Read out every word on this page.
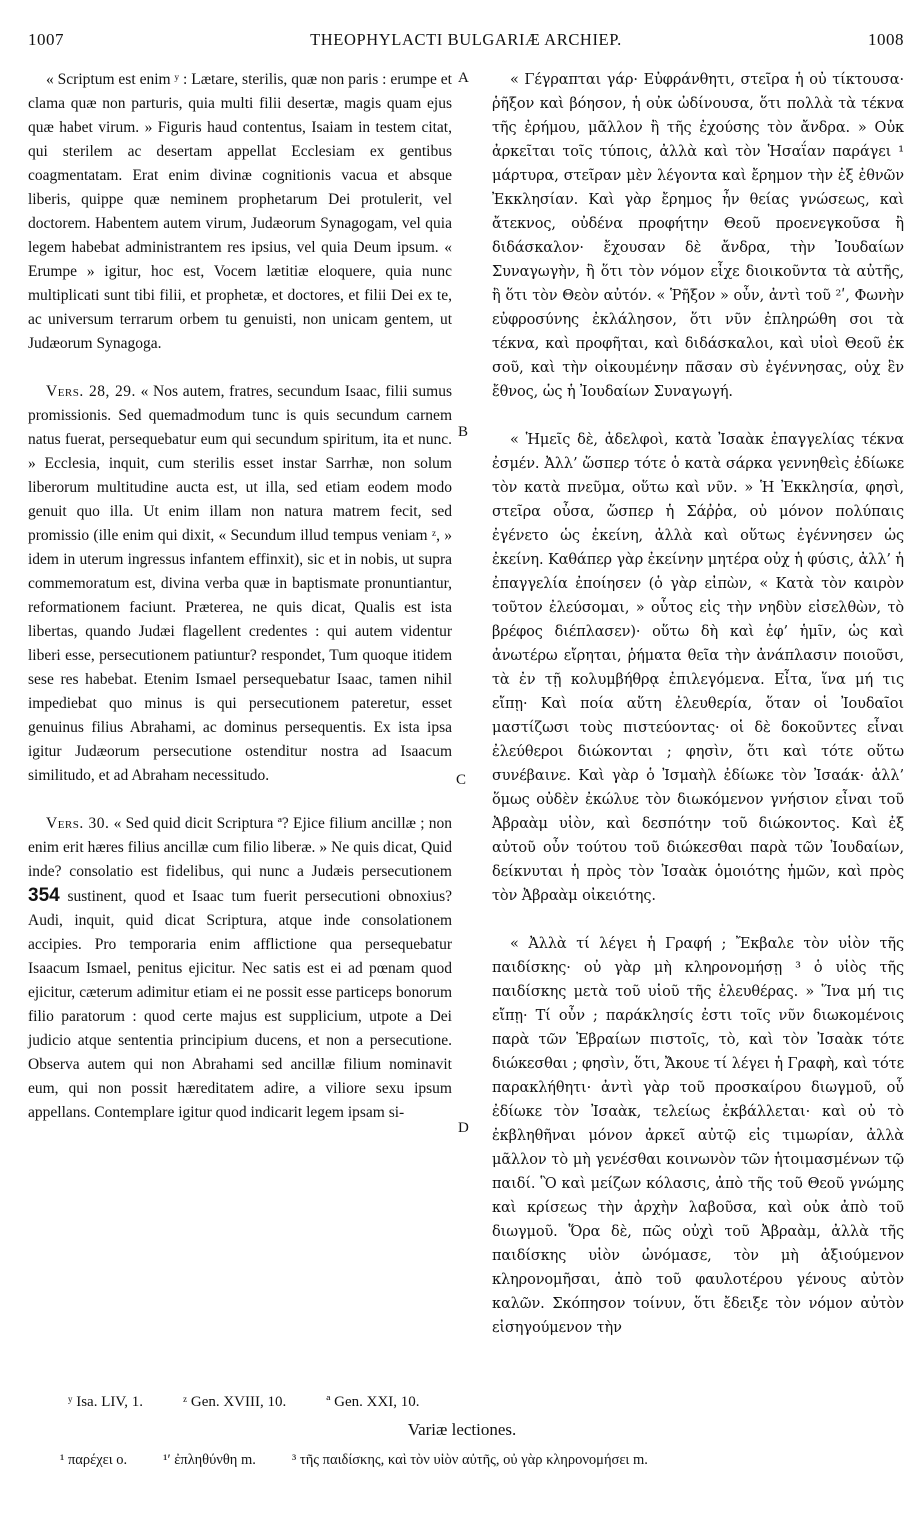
1007	THEOPHYLACTI BULGARIÆ ARCHIEP.	1008

« Scriptum est enim ʸ : Lætare, sterilis, quæ non paris : erumpe et clama quæ non parturis, quia multi filii desertæ, magis quam ejus quæ habet virum. » Figuris haud contentus, Isaiam in testem citat, qui sterilem ac desertam appellat Ecclesiam ex gentibus coagmentatam. Erat enim divinæ cognitionis vacua et absque liberis, quippe quæ neminem prophetarum Dei protulerit, vel doctorem. Habentem autem virum, Judæorum Synagogam, vel quia legem habebat administrantem res ipsius, vel quia Deum ipsum. « Erumpe » igitur, hoc est, Vocem lætitiæ eloquere, quia nunc multiplicati sunt tibi filii, et prophetæ, et doctores, et filii Dei ex te, ac universum terrarum orbem tu genuisti, non unicam gentem, ut Judæorum Synagoga.

Vers. 28, 29. « Nos autem, fratres, secundum Isaac, filii sumus promissionis. Sed quemadmodum tunc is quis secundum carnem natus fuerat, persequebatur eum qui secundum spiritum, ita et nunc. » Ecclesia, inquit, cum sterilis esset instar Sarrhæ, non solum liberorum multitudine aucta est, ut illa, sed etiam eodem modo genuit quo illa. Ut enim illam non natura matrem fecit, sed promissio (ille enim qui dixit, « Secundum illud tempus veniam ᶻ, » idem in uterum ingressus infantem effinxit), sic et in nobis, ut supra commemoratum est, divina verba quæ in baptismate pronuntiantur, reformationem faciunt. Præterea, ne quis dicat, Qualis est ista libertas, quando Judæi flagellent credentes : qui autem videntur liberi esse, persecutionem patiuntur? respondet, Tum quoque itidem sese res habebat. Etenim Ismael persequebatur Isaac, tamen nihil impediebat quo minus is qui persecutionem pateretur, esset genuinus filius Abrahami, ac dominus persequentis. Ex ista ipsa igitur Judæorum persecutione ostenditur nostra ad Isaacum similitudo, et ad Abraham necessitudo.

Vers. 30. « Sed quid dicit Scriptura ª? Ejice filium ancillæ ; non enim erit hæres filius ancillæ cum filio liberæ. » Ne quis dicat, Quid inde? consolatio est fidelibus, qui nunc a Judæis persecutionem 354 sustinent, quod et Isaac tum fuerit persecutioni obnoxius? Audi, inquit, quid dicat Scriptura, atque inde consolationem accipies. Pro temporaria enim afflictione qua persequebatur Isaacum Ismael, penitus ejicitur. Nec satis est ei ad pœnam quod ejicitur, cæterum adimitur etiam ei ne possit esse particeps bonorum filio paratorum : quod certe majus est supplicium, utpote a Dei judicio atque sententia principium ducens, et non a persecutione. Observa autem qui non Abrahami sed ancillæ filium nominavit eum, qui non possit hæreditatem adire, a viliore sexu ipsum appellans. Contemplare igitur quod indicarit legem ipsam si-

A
B
C
D

« Γέγραπται γάρ· Εὐφράνθητι, στεῖρα ἡ οὐ τίκτουσα· ῥῆξον καὶ βόησον, ἡ οὐκ ὠδίνουσα, ὅτι πολλὰ τὰ τέκνα τῆς ἐρήμου, μᾶλλον ἢ τῆς ἐχούσης τὸν ἄνδρα. » Οὐκ ἀρκεῖται τοῖς τύποις, ἀλλὰ καὶ τὸν Ἡσαΐαν παράγει ¹ μάρτυρα, στεῖραν μὲν λέγοντα καὶ ἔρημον τὴν ἐξ ἐθνῶν Ἐκκλησίαν. Καὶ γὰρ ἔρημος ἦν θείας γνώσεως, καὶ ἄτεκνος, οὐδένα προφήτην Θεοῦ προενεγκοῦσα ἢ διδάσκαλον· ἔχουσαν δὲ ἄνδρα, τὴν Ἰουδαίων Συναγωγὴν, ἢ ὅτι τὸν νόμον εἶχε διοικοῦντα τὰ αὐτῆς, ἢ ὅτι τὸν Θεὸν αὐτόν. « Ῥῆξον » οὖν, ἀντὶ τοῦ ²ʹ, Φωνὴν εὐφροσύνης ἐκλάλησον, ὅτι νῦν ἐπληρώθη σοι τὰ τέκνα, καὶ προφῆται, καὶ διδάσκαλοι, καὶ υἱοὶ Θεοῦ ἐκ σοῦ, καὶ τὴν οἰκουμένην πᾶσαν σὺ ἐγέννησας, οὐχ ἓν ἔθνος, ὡς ἡ Ἰουδαίων Συναγωγή.

« Ἡμεῖς δὲ, ἀδελφοὶ, κατὰ Ἰσαὰκ ἐπαγγελίας τέκνα ἐσμέν. Ἀλλ’ ὥσπερ τότε ὁ κατὰ σάρκα γεννηθεὶς ἐδίωκε τὸν κατὰ πνεῦμα, οὕτω καὶ νῦν. » Ἡ Ἐκκλησία, φησὶ, στεῖρα οὖσα, ὥσπερ ἡ Σάῤῥα, οὐ μόνον πολύπαις ἐγένετο ὡς ἐκείνη, ἀλλὰ καὶ οὕτως ἐγέννησεν ὡς ἐκείνη. Καθάπερ γὰρ ἐκείνην μητέρα οὐχ ἡ φύσις, ἀλλ’ ἡ ἐπαγγελία ἐποίησεν (ὁ γὰρ εἰπὼν, « Κατὰ τὸν καιρὸν τοῦτον ἐλεύσομαι, » οὗτος εἰς τὴν νηδὺν εἰσελθὼν, τὸ βρέφος διέπλασεν)· οὕτω δὴ καὶ ἐφ’ ἡμῖν, ὡς καὶ ἀνωτέρω εἴρηται, ῥήματα θεῖα τὴν ἀνάπλασιν ποιοῦσι, τὰ ἐν τῇ κολυμβήθρᾳ ἐπιλεγόμενα. Εἶτα, ἵνα μή τις εἴπῃ· Καὶ ποία αὕτη ἐλευθερία, ὅταν οἱ Ἰουδαῖοι μαστίζωσι τοὺς πιστεύοντας· οἱ δὲ δοκοῦντες εἶναι ἐλεύθεροι διώκονται ; φησὶν, ὅτι καὶ τότε οὕτω συνέβαινε. Καὶ γὰρ ὁ Ἰσμαὴλ ἐδίωκε τὸν Ἰσαάκ· ἀλλ’ ὅμως οὐδὲν ἐκώλυε τὸν διωκόμενον γνήσιον εἶναι τοῦ Ἀβραὰμ υἱὸν, καὶ δεσπότην τοῦ διώκοντος. Καὶ ἐξ αὐτοῦ οὖν τούτου τοῦ διώκεσθαι παρὰ τῶν Ἰουδαίων, δείκνυται ἡ πρὸς τὸν Ἰσαὰκ ὁμοιότης ἡμῶν, καὶ πρὸς τὸν Ἀβραὰμ οἰκειότης.

« Ἀλλὰ τί λέγει ἡ Γραφή ; Ἔκβαλε τὸν υἱὸν τῆς παιδίσκης· οὐ γὰρ μὴ κληρονομήσῃ ³ ὁ υἱὸς τῆς παιδίσκης μετὰ τοῦ υἱοῦ τῆς ἐλευθέρας. » Ἵνα μή τις εἴπῃ· Τί οὖν ; παράκλησίς ἐστι τοῖς νῦν διωκομένοις παρὰ τῶν Ἑβραίων πιστοῖς, τὸ, καὶ τὸν Ἰσαὰκ τότε διώκεσθαι ; φησὶν, ὅτι, Ἄκουε τί λέγει ἡ Γραφὴ, καὶ τότε παρακλήθητι· ἀντὶ γὰρ τοῦ προσκαίρου διωγμοῦ, οὗ ἐδίωκε τὸν Ἰσαὰκ, τελείως ἐκβάλλεται· καὶ οὐ τὸ ἐκβληθῆναι μόνον ἀρκεῖ αὐτῷ εἰς τιμωρίαν, ἀλλὰ μᾶλλον τὸ μὴ γενέσθαι κοινωνὸν τῶν ἡτοιμασμένων τῷ παιδί. Ὃ καὶ μείζων κόλασις, ἀπὸ τῆς τοῦ Θεοῦ γνώμης καὶ κρίσεως τὴν ἀρχὴν λαβοῦσα, καὶ οὐκ ἀπὸ τοῦ διωγμοῦ. Ὅρα δὲ, πῶς οὐχὶ τοῦ Ἀβραὰμ, ἀλλὰ τῆς παιδίσκης υἱὸν ὠνόμασε, τὸν μὴ ἀξιούμενον κληρονομῆσαι, ἀπὸ τοῦ φαυλοτέρου γένους αὐτὸν καλῶν. Σκόπησον τοίνυν, ὅτι ἔδειξε τὸν νόμον αὐτὸν εἰσηγούμενον τὴν

ʸ Isa. LIV, 1.	ᶻ Gen. XVIII, 10.	ª Gen. XXI, 10.
Variæ lectiones.
¹ παρέχει o. ¹ʹ ἐπληθύνθη m. ³ τῆς παιδίσκης, καὶ τὸν υἱὸν αὐτῆς, οὐ γὰρ κληρονομήσει m.
